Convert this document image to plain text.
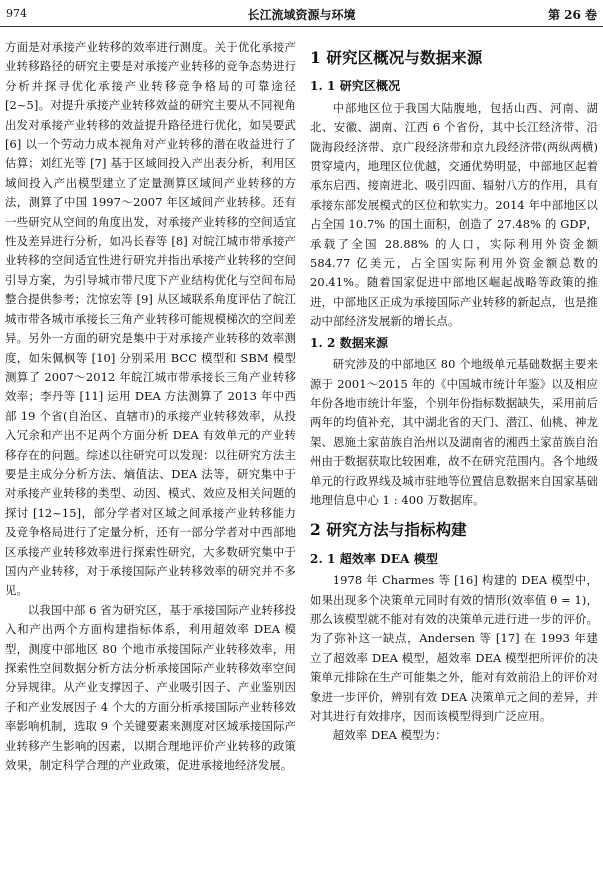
974	长江流域资源与环境	第 26 卷

方面是对承接产业转移的效率进行测度。关于优化承接产业转移路径的研究主要是对承接产业转移的竞争态势进行分析并探寻优化承接产业转移竞争格局的可靠途径 [2~5]。对提升承接产业转移效益的研究主要从不同视角出发对承接产业转移的效益提升路径进行优化，如吴要武 [6] 以一个劳动力成本视角对产业转移的潜在收益进行了估算；刘红光等 [7] 基于区域间投入产出表分析，利用区域间投入产出模型建立了定量测算区域间产业转移的方法，测算了中国 1997～2007 年区域间产业转移。还有一些研究从空间的角度出发，对承接产业转移的空间适宜性及差异进行分析，如冯长春等 [8] 对皖江城市带承接产业转移的空间适宜性进行研究并指出承接产业转移的空间引导方案，为引导城市带尺度下产业结构优化与空间布局整合提供参考；沈惊宏等 [9] 从区域联系角度评估了皖江城市带各城市承接长三角产业转移可能规模梯次的空间差异。另外一方面的研究是集中于对承接产业转移的效率测度，如朱佩枫等 [10] 分别采用 BCC 模型和 SBM 模型测算了 2007～2012 年皖江城市带承接长三角产业转移效率；李丹等 [11] 运用 DEA 方法测算了 2013 年中西部 19 个省(自治区、直辖市)的承接产业转移效率，从投入冗余和产出不足两个方面分析 DEA 有效单元的产业转移存在的问题。综述以往研究可以发现：以往研究方法主要是主成分分析方法、熵值法、DEA 法等，研究集中于对承接产业转移的类型、动因、模式、效应及相关问题的探讨 [12~15]，部分学者对区域之间承接产业转移能力及竞争格局进行了定量分析，还有一部分学者对中西部地区承接产业转移效率进行探索性研究，大多数研究集中于国内产业转移，对于承接国际产业转移效率的研究并不多见。

以我国中部 6 省为研究区，基于承接国际产业转移投入和产出两个方面构建指标体系，利用超效率 DEA 模型，测度中部地区 80 个地市承接国际产业转移效率，用探索性空间数据分析方法分析承接国际产业转移效率空间分异规律。从产业支撑因子、产业吸引因子、产业鉴别因子和产业发展因子 4 个大的方面分析承接国际产业转移效率影响机制，选取 9 个关键要素来测度对区域承接国际产业转移产生影响的因素，以期合理地评价产业转移的政策效果，制定科学合理的产业政策，促进承接地经济发展。

1 研究区概况与数据来源
1. 1 研究区概况

中部地区位于我国大陆腹地，包括山西、河南、湖北、安徽、湖南、江西 6 个省份，其中长江经济带、沿陇海段经济带、京广段经济带和京九段经济带(两纵两横)贯穿境内，地理区位优越，交通优势明显，中部地区起着承东启西、接南进北、吸引四面、辐射八方的作用，具有承接东部发展模式的区位和软实力。2014 年中部地区以占全国 10.7% 的国土面积，创造了 27.48% 的 GDP，承载了全国 28.88% 的人口，实际利用外资金额 584.77 亿美元，占全国实际利用外资金额总数的 20.41%。随着国家促进中部地区崛起战略等政策的推进，中部地区正成为承接国际产业转移的新起点，也是推动中部经济发展新的增长点。

1. 2 数据来源

研究涉及的中部地区 80 个地级单元基础数据主要来源于 2001～2015 年的《中国城市统计年鉴》以及相应年份各地市统计年鉴，个别年份指标数据缺失，采用前后两年的均值补充，其中湖北省的天门、潜江、仙桃、神龙架、恩施土家苗族自治州以及湖南省的湘西土家苗族自治州由于数据获取比较困难，故不在研究范围内。各个地级单元的行政界线及城市驻地等位置信息数据来自国家基础地理信息中心 1 : 400 万数据库。

2 研究方法与指标构建
2. 1 超效率 DEA 模型

1978 年 Charmes 等 [16] 构建的 DEA 模型中，如果出现多个决策单元同时有效的情形(效率值 θ = 1)，那么该模型就不能对有效的决策单元进行进一步的评价。为了弥补这一缺点，Andersen 等 [17] 在 1993 年建立了超效率 DEA 模型，超效率 DEA 模型把所评价的决策单元排除在生产可能集之外，能对有效前沿上的评价对象进一步评价，辨别有效 DEA 决策单元之间的差异，并对其进行有效排序，因而该模型得到广泛应用。

超效率 DEA 模型为：
